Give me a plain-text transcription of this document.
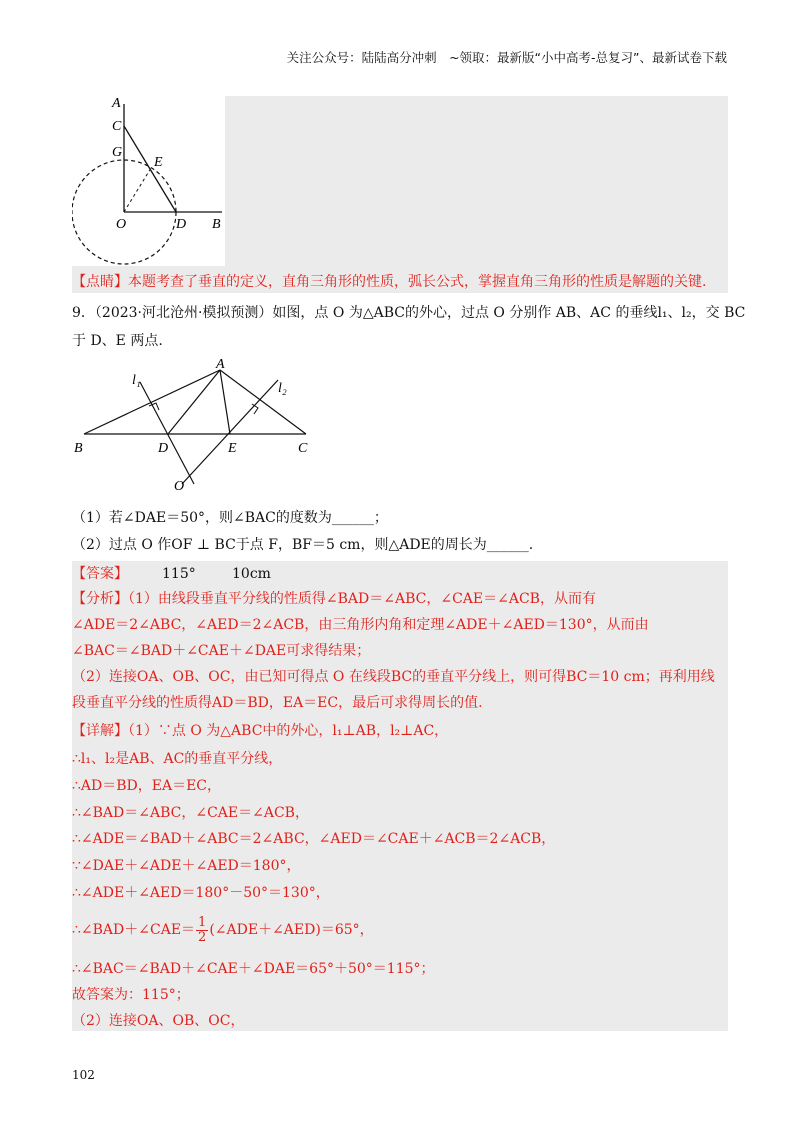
关注公众号：陆陆高分冲刺　~领取：最新版“小中高考-总复习”、最新试卷下载
A
C
G
E
O	D B
【点睛】本题考查了垂直的定义，直角三角形的性质，弧长公式，掌握直角三角形的性质是解题的关键.
9．（2023·河北沧州·模拟预测）如图，点 O 为△ABC的外心，过点 O 分别作 AB、AC 的垂线l₁、l₂，交 BC
于 D、E 两点.
A
l₁
l₂
B	D	E	C
O
（1）若∠DAE＝50°，则∠BAC的度数为______；
（2）过点 O 作OF ⊥ BC于点 F，BF＝5 cm，则△ADE的周长为______.
【答案】 115°	10cm
【分析】（1）由线段垂直平分线的性质得∠BAD＝∠ABC，∠CAE＝∠ACB，从而有
∠ADE＝2∠ABC，∠AED＝2∠ACB，由三角形内角和定理∠ADE＋∠AED＝130°，从而由
∠BAC＝∠BAD＋∠CAE＋∠DAE可求得结果；
（2）连接OA、OB、OC，由已知可得点 O 在线段BC的垂直平分线上，则可得BC＝10 cm；再利用线
段垂直平分线的性质得AD＝BD，EA＝EC，最后可求得周长的值.
【详解】（1）∵点 O 为△ABC中的外心，l₁⊥AB，l₂⊥AC，
∴l₁、l₂是AB、AC的垂直平分线，
∴AD＝BD，EA＝EC，
∴∠BAD＝∠ABC，∠CAE＝∠ACB，
∴∠ADE＝∠BAD＋∠ABC＝2∠ABC，∠AED＝∠CAE＋∠ACB＝2∠ACB，
∵∠DAE＋∠ADE＋∠AED＝180°，
∴∠ADE＋∠AED＝180°－50°＝130°，
∴∠BAD＋∠CAE＝ $\frac{1}{2}$ (∠ADE＋∠AED)＝65°，
∴∠BAC＝∠BAD＋∠CAE＋∠DAE＝65°＋50°＝115°；
故答案为：115°；
（2）连接OA、OB、OC，
102
